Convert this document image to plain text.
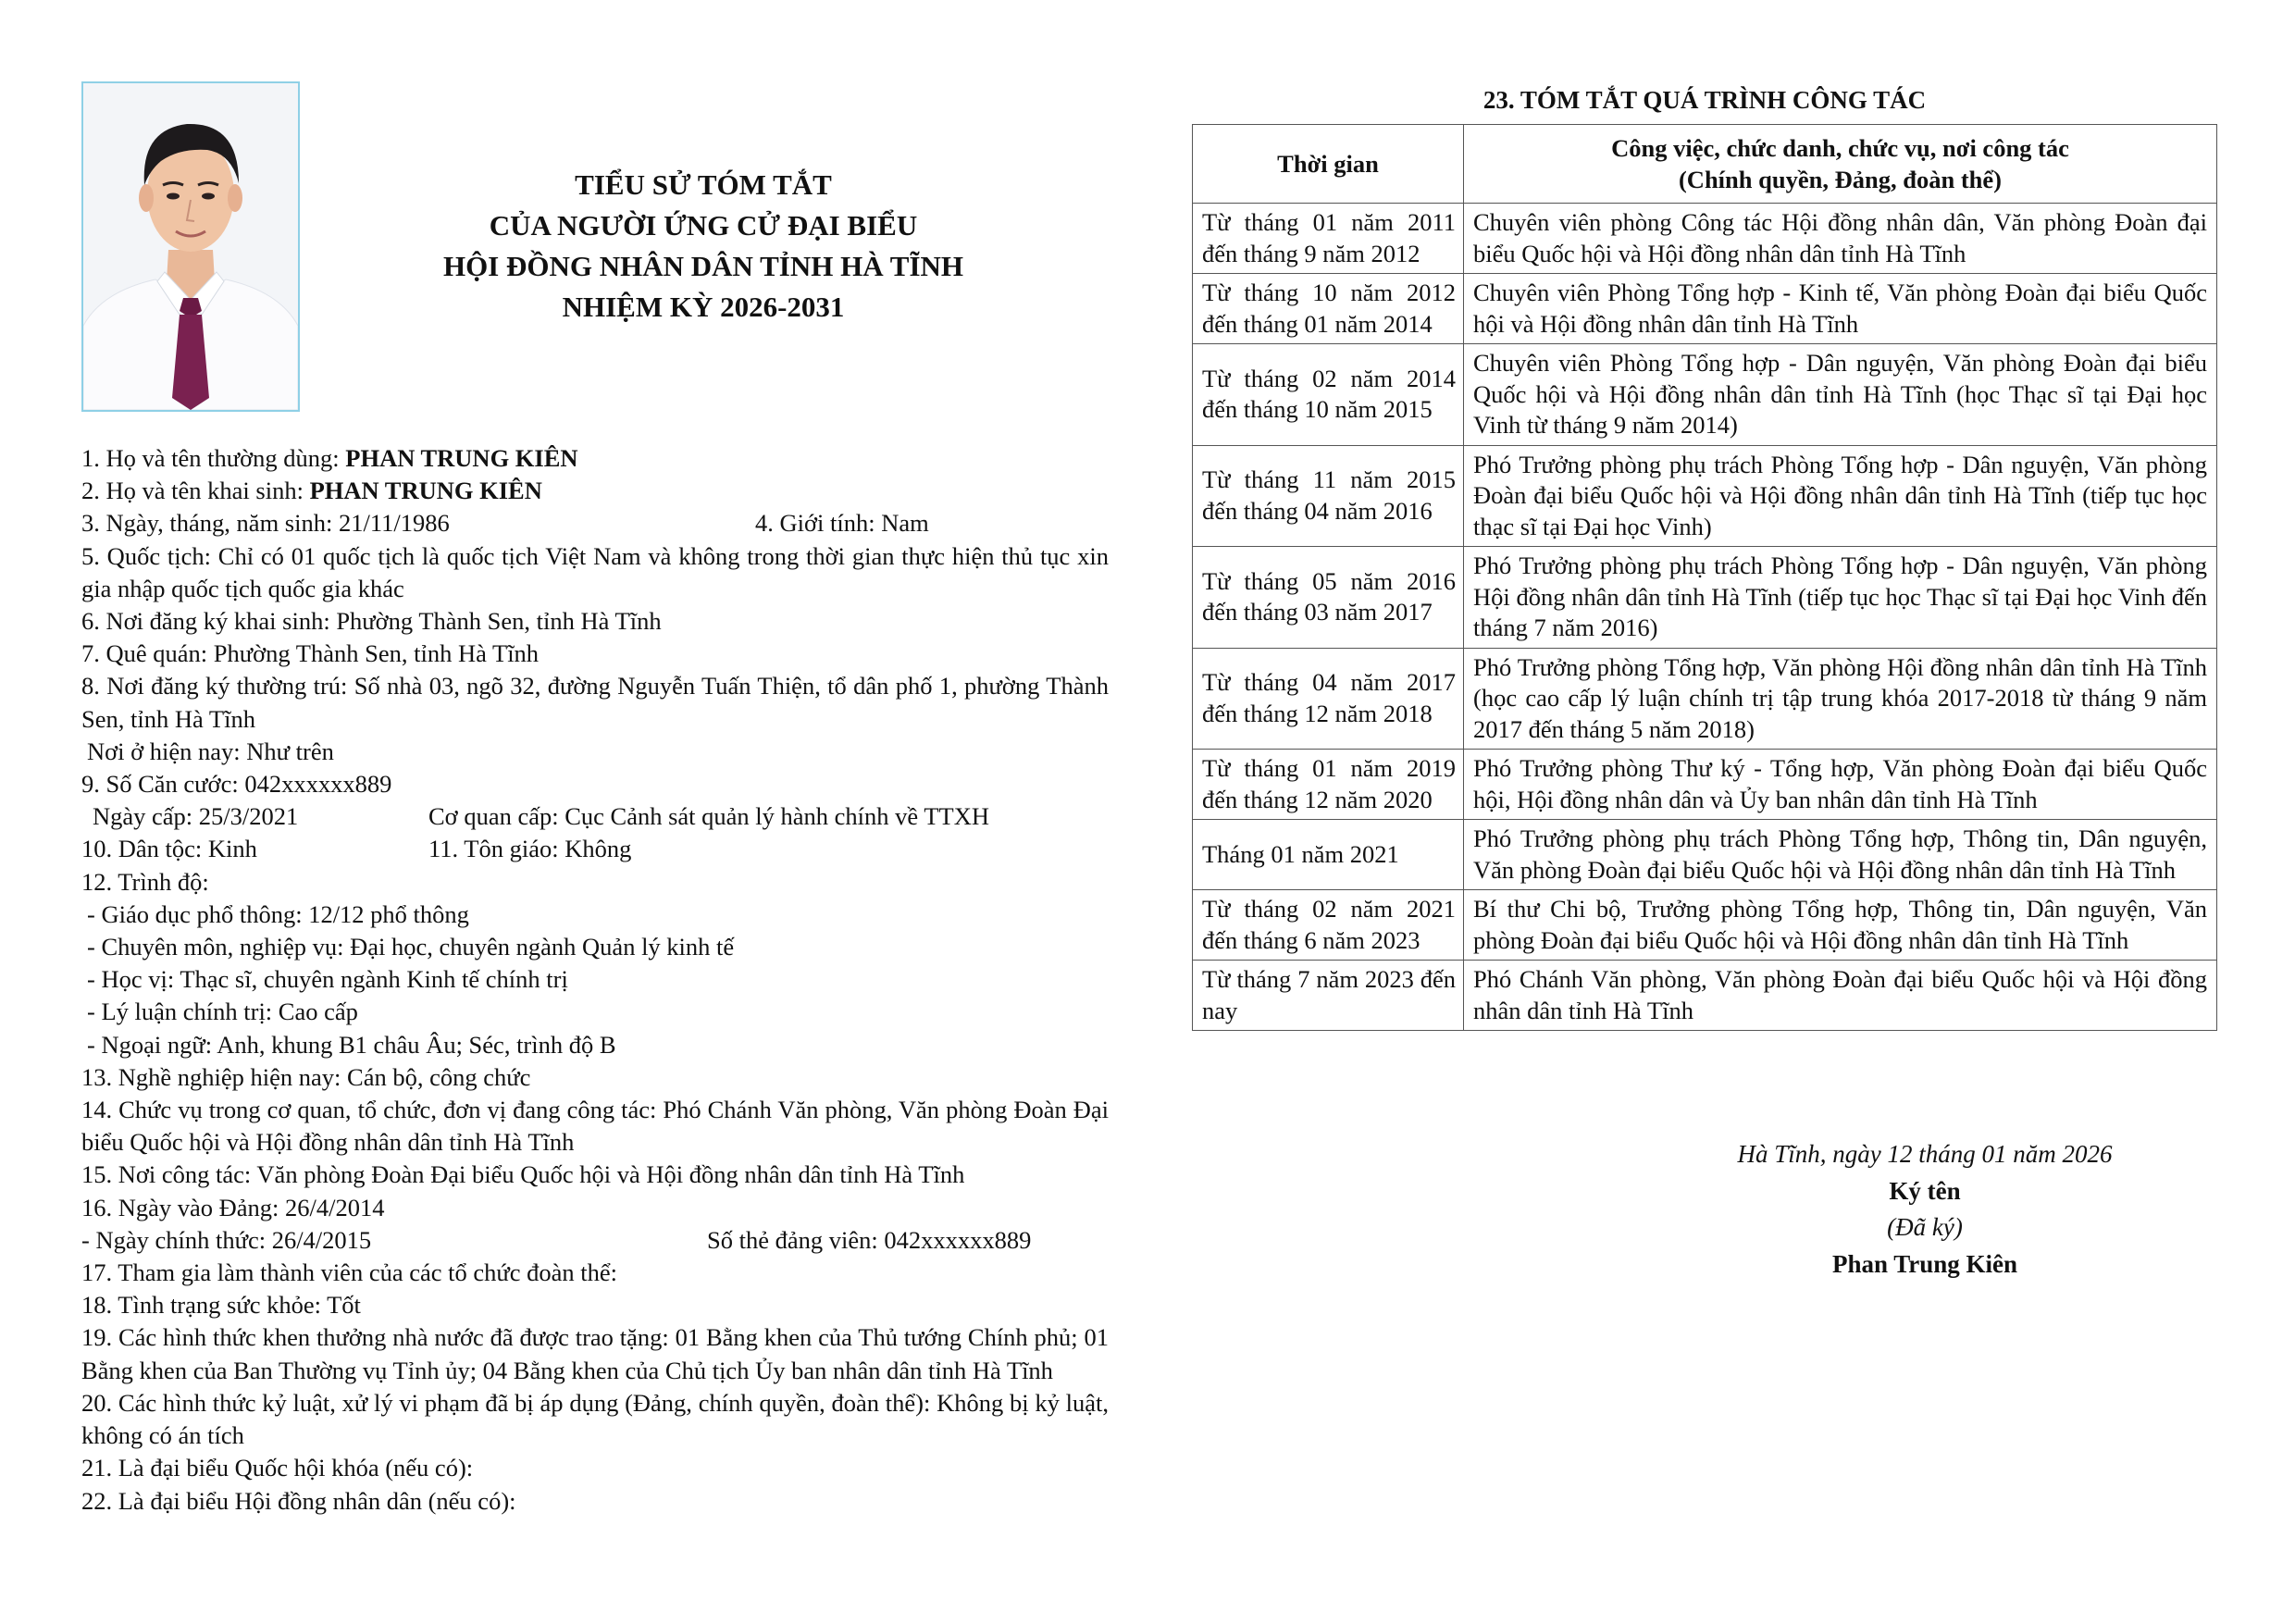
TIỂU SỬ TÓM TẮT
CỦA NGƯỜI ỨNG CỬ ĐẠI BIỂU
HỘI ĐỒNG NHÂN DÂN TỈNH HÀ TĨNH
NHIỆM KỲ 2026-2031
1. Họ và tên thường dùng: PHAN TRUNG KIÊN
2. Họ và tên khai sinh: PHAN TRUNG KIÊN
3. Ngày, tháng, năm sinh: 21/11/1986	4. Giới tính: Nam
5. Quốc tịch: Chỉ có 01 quốc tịch là quốc tịch Việt Nam và không trong thời gian thực hiện thủ tục xin gia nhập quốc tịch quốc gia khác
6. Nơi đăng ký khai sinh: Phường Thành Sen, tỉnh Hà Tĩnh
7. Quê quán: Phường Thành Sen, tỉnh Hà Tĩnh
8. Nơi đăng ký thường trú: Số nhà 03, ngõ 32, đường Nguyễn Tuấn Thiện, tổ dân phố 1, phường Thành Sen, tỉnh Hà Tĩnh
Nơi ở hiện nay: Như trên
9. Số Căn cước: 042xxxxxx889
Ngày cấp: 25/3/2021	Cơ quan cấp: Cục Cảnh sát quản lý hành chính về TTXH
10. Dân tộc: Kinh	11. Tôn giáo: Không
12. Trình độ:
- Giáo dục phổ thông: 12/12 phổ thông
- Chuyên môn, nghiệp vụ: Đại học, chuyên ngành Quản lý kinh tế
- Học vị: Thạc sĩ, chuyên ngành Kinh tế chính trị
- Lý luận chính trị: Cao cấp
- Ngoại ngữ: Anh, khung B1 châu Âu; Séc, trình độ B
13. Nghề nghiệp hiện nay: Cán bộ, công chức
14. Chức vụ trong cơ quan, tổ chức, đơn vị đang công tác: Phó Chánh Văn phòng, Văn phòng Đoàn Đại biểu Quốc hội và Hội đồng nhân dân tỉnh Hà Tĩnh
15. Nơi công tác: Văn phòng Đoàn Đại biểu Quốc hội và Hội đồng nhân dân tỉnh Hà Tĩnh
16. Ngày vào Đảng: 26/4/2014
- Ngày chính thức: 26/4/2015	Số thẻ đảng viên: 042xxxxxx889
17. Tham gia làm thành viên của các tổ chức đoàn thể:
18. Tình trạng sức khỏe: Tốt
19. Các hình thức khen thưởng nhà nước đã được trao tặng: 01 Bằng khen của Thủ tướng Chính phủ; 01 Bằng khen của Ban Thường vụ Tỉnh ủy; 04 Bằng khen của Chủ tịch Ủy ban nhân dân tỉnh Hà Tĩnh
20. Các hình thức kỷ luật, xử lý vi phạm đã bị áp dụng (Đảng, chính quyền, đoàn thể): Không bị kỷ luật, không có án tích
21. Là đại biểu Quốc hội khóa (nếu có):
22. Là đại biểu Hội đồng nhân dân (nếu có):
23. TÓM TẮT QUÁ TRÌNH CÔNG TÁC
Thời gian	Công việc, chức danh, chức vụ, nơi công tác
(Chính quyền, Đảng, đoàn thể)

Từ tháng 01 năm 2011 đến tháng 9 năm 2012	Chuyên viên phòng Công tác Hội đồng nhân dân, Văn phòng Đoàn đại biểu Quốc hội và Hội đồng nhân dân tỉnh Hà Tĩnh
Từ tháng 10 năm 2012 đến tháng 01 năm 2014	Chuyên viên Phòng Tổng hợp - Kinh tế, Văn phòng Đoàn đại biểu Quốc hội và Hội đồng nhân dân tỉnh Hà Tĩnh
Từ tháng 02 năm 2014 đến tháng 10 năm 2015	Chuyên viên Phòng Tổng hợp - Dân nguyện, Văn phòng Đoàn đại biểu Quốc hội và Hội đồng nhân dân tỉnh Hà Tĩnh (học Thạc sĩ tại Đại học Vinh từ tháng 9 năm 2014)
Từ tháng 11 năm 2015 đến tháng 04 năm 2016	Phó Trưởng phòng phụ trách Phòng Tổng hợp - Dân nguyện, Văn phòng Đoàn đại biểu Quốc hội và Hội đồng nhân dân tỉnh Hà Tĩnh (tiếp tục học thạc sĩ tại Đại học Vinh)
Từ tháng 05 năm 2016 đến tháng 03 năm 2017	Phó Trưởng phòng phụ trách Phòng Tổng hợp - Dân nguyện, Văn phòng Hội đồng nhân dân tỉnh Hà Tĩnh (tiếp tục học Thạc sĩ tại Đại học Vinh đến tháng 7 năm 2016)
Từ tháng 04 năm 2017 đến tháng 12 năm 2018	Phó Trưởng phòng Tổng hợp, Văn phòng Hội đồng nhân dân tỉnh Hà Tĩnh (học cao cấp lý luận chính trị tập trung khóa 2017-2018 từ tháng 9 năm 2017 đến tháng 5 năm 2018)
Từ tháng 01 năm 2019 đến tháng 12 năm 2020	Phó Trưởng phòng Thư ký - Tổng hợp, Văn phòng Đoàn đại biểu Quốc hội, Hội đồng nhân dân và Ủy ban nhân dân tỉnh Hà Tĩnh
Tháng 01 năm 2021	Phó Trưởng phòng phụ trách Phòng Tổng hợp, Thông tin, Dân nguyện, Văn phòng Đoàn đại biểu Quốc hội và Hội đồng nhân dân tỉnh Hà Tĩnh
Từ tháng 02 năm 2021 đến tháng 6 năm 2023	Bí thư Chi bộ, Trưởng phòng Tổng hợp, Thông tin, Dân nguyện, Văn phòng Đoàn đại biểu Quốc hội và Hội đồng nhân dân tỉnh Hà Tĩnh
Từ tháng 7 năm 2023 đến nay	Phó Chánh Văn phòng, Văn phòng Đoàn đại biểu Quốc hội và Hội đồng nhân dân tỉnh Hà Tĩnh
Hà Tĩnh, ngày 12 tháng 01 năm 2026
Ký tên
(Đã ký)
Phan Trung Kiên
